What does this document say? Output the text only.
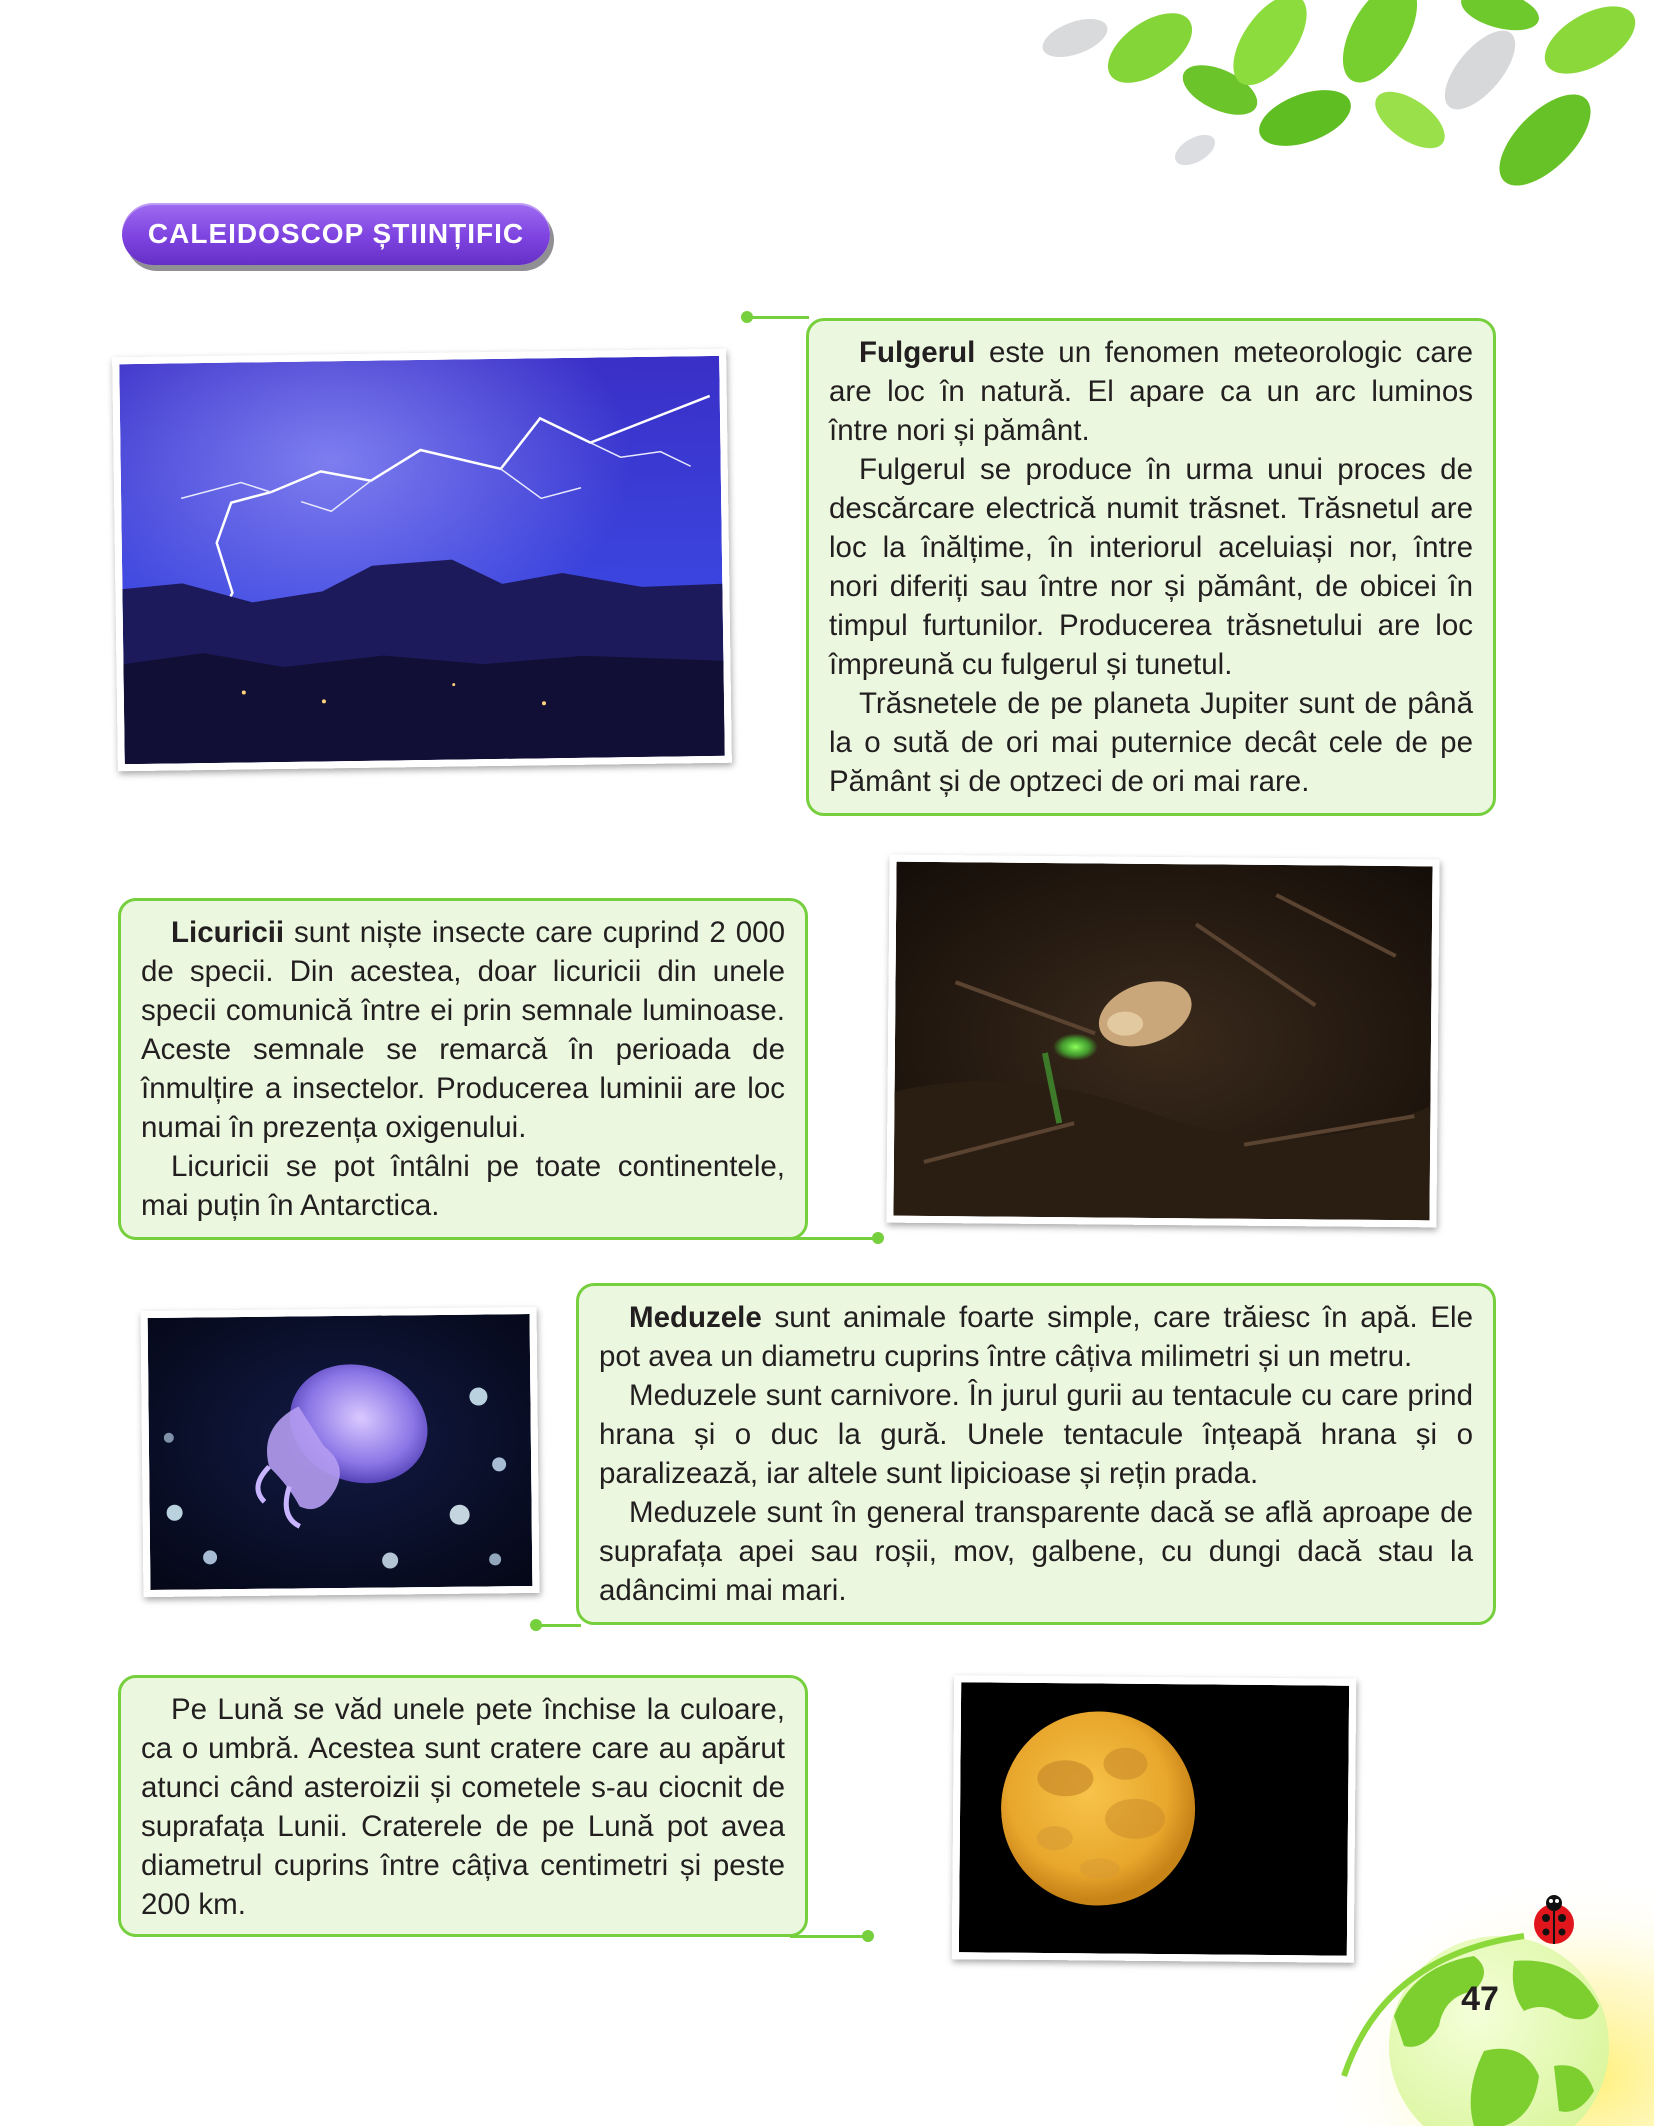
CALEIDOSCOP ȘTIINȚIFIC

Fulgerul este un fenomen meteorologic care are loc în natură. El apare ca un arc luminos între nori și pământ.

Fulgerul se produce în urma unui proces de descărcare electrică numit trăsnet. Trăsnetul are loc la înălțime, în interiorul aceluiași nor, între nori diferiți sau între nor și pământ, de obicei în timpul furtunilor. Producerea trăsnetului are loc împreună cu fulgerul și tunetul.

Trăsnetele de pe planeta Jupiter sunt de până la o sută de ori mai puternice decât cele de pe Pământ și de optzeci de ori mai rare.

Licuricii sunt niște insecte care cuprind 2 000 de specii. Din acestea, doar licuricii din unele specii comunică între ei prin semnale luminoase. Aceste semnale se remarcă în perioada de înmulțire a insectelor. Producerea luminii are loc numai în prezența oxigenului.

Licuricii se pot întâlni pe toate continentele, mai puțin în Antarctica.

Meduzele sunt animale foarte simple, care trăiesc în apă. Ele pot avea un diametru cuprins între câțiva milimetri și un metru.

Meduzele sunt carnivore. În jurul gurii au tentacule cu care prind hrana și o duc la gură. Unele tentacule înțeapă hrana și o paralizează, iar altele sunt lipicioase și rețin prada.

Meduzele sunt în general transparente dacă se află aproape de suprafața apei sau roșii, mov, galbene, cu dungi dacă stau la adâncimi mai mari.

Pe Lună se văd unele pete închise la culoare, ca o umbră. Acestea sunt cratere care au apărut atunci când asteroizii și cometele s-au ciocnit de suprafața Lunii. Craterele de pe Lună pot avea diametrul cuprins între câțiva centimetri și peste 200 km.

47
